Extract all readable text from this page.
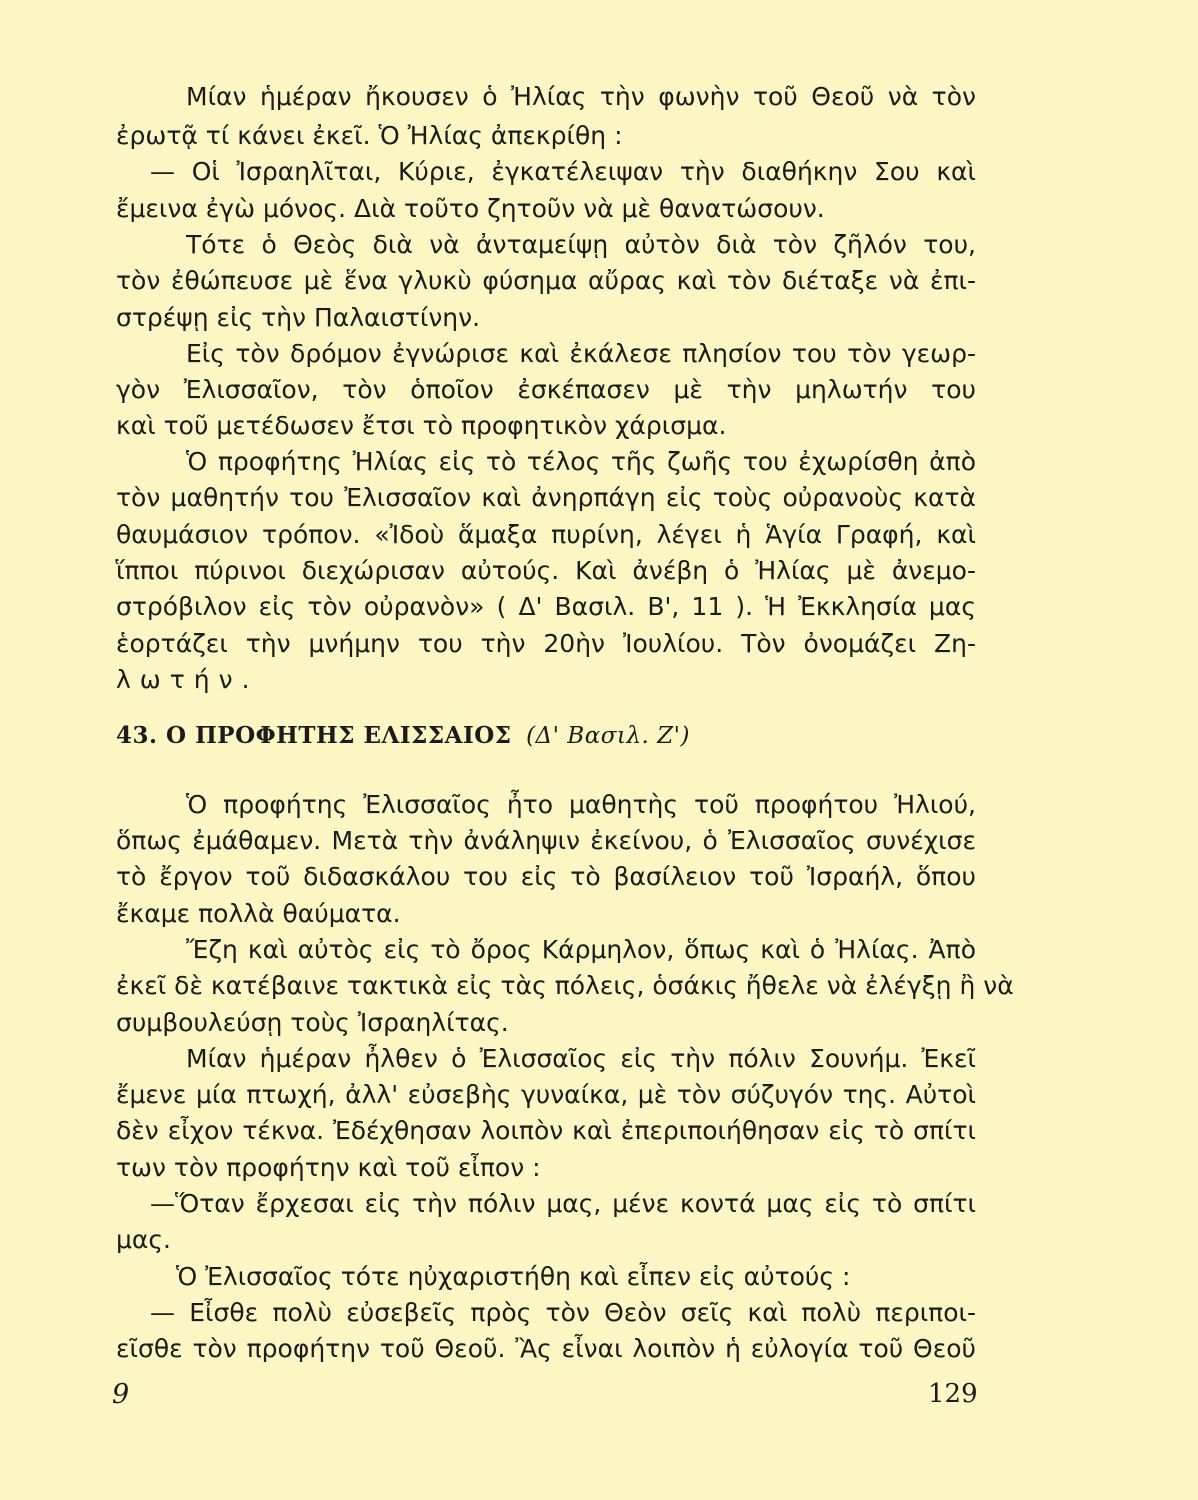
Μίαν ἡμέραν ἤκουσεν ὁ Ἠλίας τὴν φωνὴν τοῦ Θεοῦ νὰ τὸν
ἐρωτᾷ τί κάνει ἐκεῖ. Ὁ Ἠλίας ἀπεκρίθη :
— Οἱ Ἰσραηλῖται, Κύριε, ἐγκατέλειψαν τὴν διαθήκην Σου καὶ
ἔμεινα ἐγὼ μόνος. Διὰ τοῦτο ζητοῦν νὰ μὲ θανατώσουν.
Τότε ὁ Θεὸς διὰ νὰ ἀνταμείψῃ αὐτὸν διὰ τὸν ζῆλόν του,
τὸν ἐθώπευσε μὲ ἕνα γλυκὺ φύσημα αὔρας καὶ τὸν διέταξε νὰ ἐπι-
στρέψῃ εἰς τὴν Παλαιστίνην.
Εἰς τὸν δρόμον ἐγνώρισε καὶ ἐκάλεσε πλησίον του τὸν γεωρ-
γὸν Ἐλισσαῖον, τὸν ὁποῖον ἐσκέπασεν μὲ τὴν μηλωτήν του
καὶ τοῦ μετέδωσεν ἔτσι τὸ προφητικὸν χάρισμα.
Ὁ προφήτης Ἠλίας εἰς τὸ τέλος τῆς ζωῆς του ἐχωρίσθη ἀπὸ
τὸν μαθητήν του Ἐλισσαῖον καὶ ἀνηρπάγη εἰς τοὺς οὐρανοὺς κατὰ
θαυμάσιον τρόπον. «Ἰδοὺ ἅμαξα πυρίνη, λέγει ἡ Ἁγία Γραφή, καὶ
ἵπποι πύρινοι διεχώρισαν αὐτούς. Καὶ ἀνέβη ὁ Ἠλίας μὲ ἀνεμο-
στρόβιλον εἰς τὸν οὐρανὸν» ( Δ' Βασιλ. Β', 11 ). Ἡ Ἐκκλησία μας
ἑορτάζει τὴν μνήμην του τὴν 20ὴν Ἰουλίου. Τὸν ὀνομάζει Ζη-
λωτήν.
43. Ο ΠΡΟΦΗΤΗΣ ΕΛΙΣΣΑΙΟΣ (Δ' Βασιλ. Ζ')
Ὁ προφήτης Ἐλισσαῖος ἦτο μαθητὴς τοῦ προφήτου Ἠλιού,
ὅπως ἐμάθαμεν. Μετὰ τὴν ἀνάληψιν ἐκείνου, ὁ Ἐλισσαῖος συνέχισε
τὸ ἔργον τοῦ διδασκάλου του εἰς τὸ βασίλειον τοῦ Ἰσραήλ, ὅπου
ἔκαμε πολλὰ θαύματα.
Ἔζη καὶ αὐτὸς εἰς τὸ ὄρος Κάρμηλον, ὅπως καὶ ὁ Ἠλίας. Ἀπὸ
ἐκεῖ δὲ κατέβαινε τακτικὰ εἰς τὰς πόλεις, ὁσάκις ἤθελε νὰ ἐλέγξῃ ἢ νὰ
συμβουλεύσῃ τοὺς Ἰσραηλίτας.
Μίαν ἡμέραν ἦλθεν ὁ Ἐλισσαῖος εἰς τὴν πόλιν Σουνήμ. Ἐκεῖ
ἔμενε μία πτωχή, ἀλλ' εὐσεβὴς γυναίκα, μὲ τὸν σύζυγόν της. Αὐτοὶ
δὲν εἶχον τέκνα. Ἐδέχθησαν λοιπὸν καὶ ἐπεριποιήθησαν εἰς τὸ σπίτι
των τὸν προφήτην καὶ τοῦ εἶπον :
—Ὅταν ἔρχεσαι εἰς τὴν πόλιν μας, μένε κοντά μας εἰς τὸ σπίτι
μας.
Ὁ Ἐλισσαῖος τότε ηὐχαριστήθη καὶ εἶπεν εἰς αὐτούς :
— Εἶσθε πολὺ εὐσεβεῖς πρὸς τὸν Θεὸν σεῖς καὶ πολὺ περιποι-
εῖσθε τὸν προφήτην τοῦ Θεοῦ. Ἂς εἶναι λοιπὸν ἡ εὐλογία τοῦ Θεοῦ
9	129
